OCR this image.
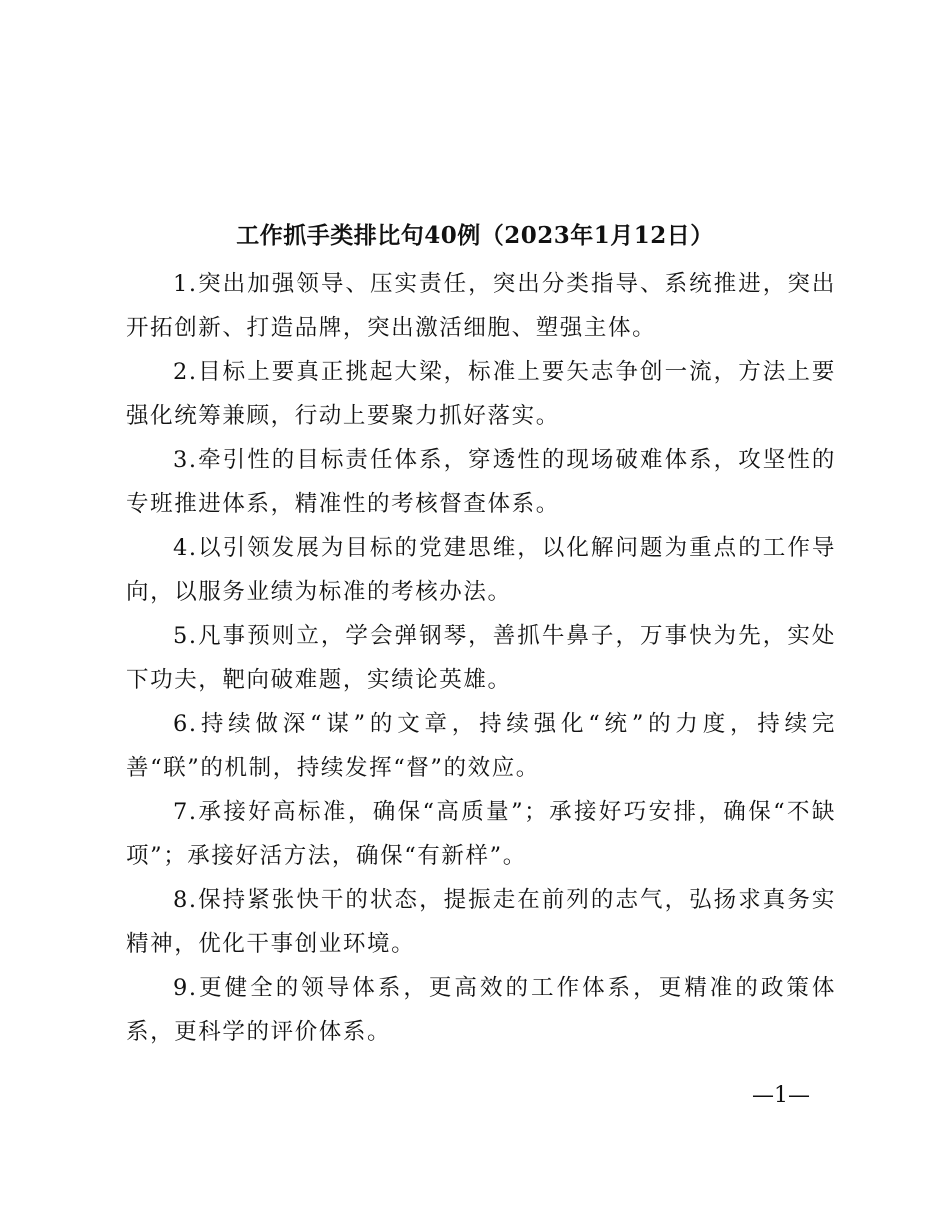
工作抓手类排比句40例（2023年1月12日）

1.突出加强领导、压实责任，突出分类指导、系统推进，突出开拓创新、打造品牌，突出激活细胞、塑强主体。

2.目标上要真正挑起大梁，标准上要矢志争创一流，方法上要强化统筹兼顾，行动上要聚力抓好落实。

3.牵引性的目标责任体系，穿透性的现场破难体系，攻坚性的专班推进体系，精准性的考核督查体系。

4.以引领发展为目标的党建思维，以化解问题为重点的工作导向，以服务业绩为标准的考核办法。

5.凡事预则立，学会弹钢琴，善抓牛鼻子，万事快为先，实处下功夫，靶向破难题，实绩论英雄。

6.持续做深“谋”的文章，持续强化“统”的力度，持续完善“联”的机制，持续发挥“督”的效应。

7.承接好高标准，确保“高质量”；承接好巧安排，确保“不缺项”；承接好活方法，确保“有新样”。

8.保持紧张快干的状态，提振走在前列的志气，弘扬求真务实精神，优化干事创业环境。

9.更健全的领导体系，更高效的工作体系，更精准的政策体系，更科学的评价体系。

—1—
